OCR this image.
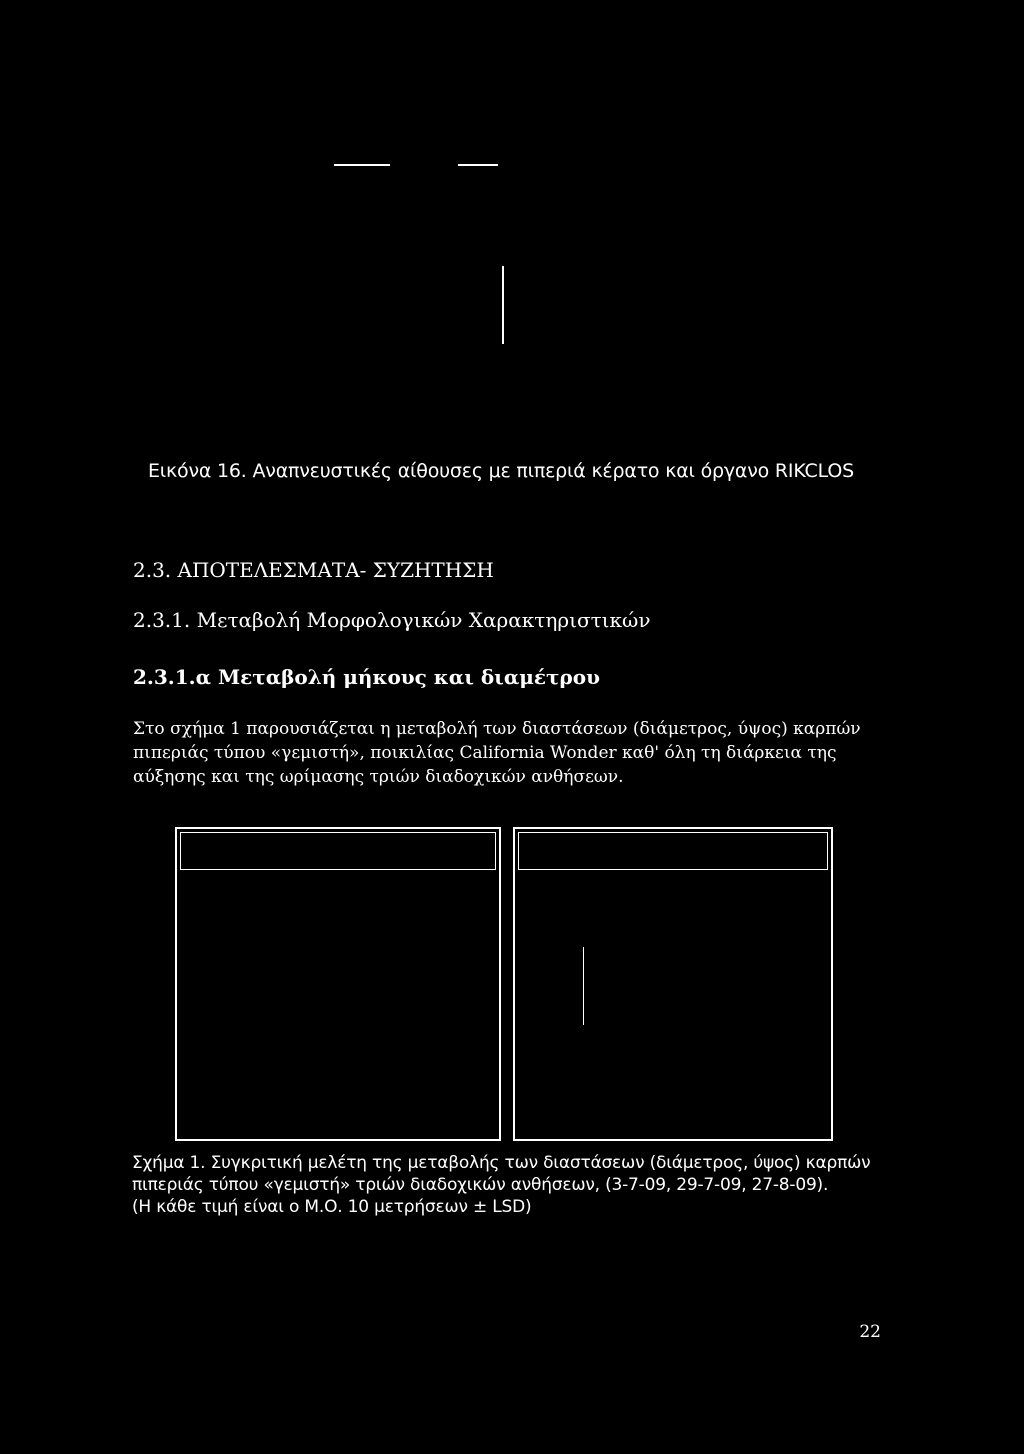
Εικόνα 16. Αναπνευστικές αίθουσες με πιπεριά κέρατο και όργανο RIKCLOS
2.3. ΑΠΟΤΕΛΕΣΜΑΤΑ- ΣΥΖΗΤΗΣΗ
2.3.1. Μεταβολή Μορφολογικών Χαρακτηριστικών
2.3.1.α Μεταβολή μήκους και διαμέτρου
Στο σχήμα 1 παρουσιάζεται η μεταβολή των διαστάσεων (διάμετρος, ύψος) καρπών
πιπεριάς τύπου «γεμιστή», ποικιλίας California Wonder καθ' όλη τη διάρκεια της
αύξησης και της ωρίμασης τριών διαδοχικών ανθήσεων.
Σχήμα 1. Συγκριτική μελέτη της μεταβολής των διαστάσεων (διάμετρος, ύψος) καρπών
πιπεριάς τύπου «γεμιστή» τριών διαδοχικών ανθήσεων, (3-7-09, 29-7-09, 27-8-09).
(Η κάθε τιμή είναι ο Μ.Ο. 10 μετρήσεων ± LSD)
22
